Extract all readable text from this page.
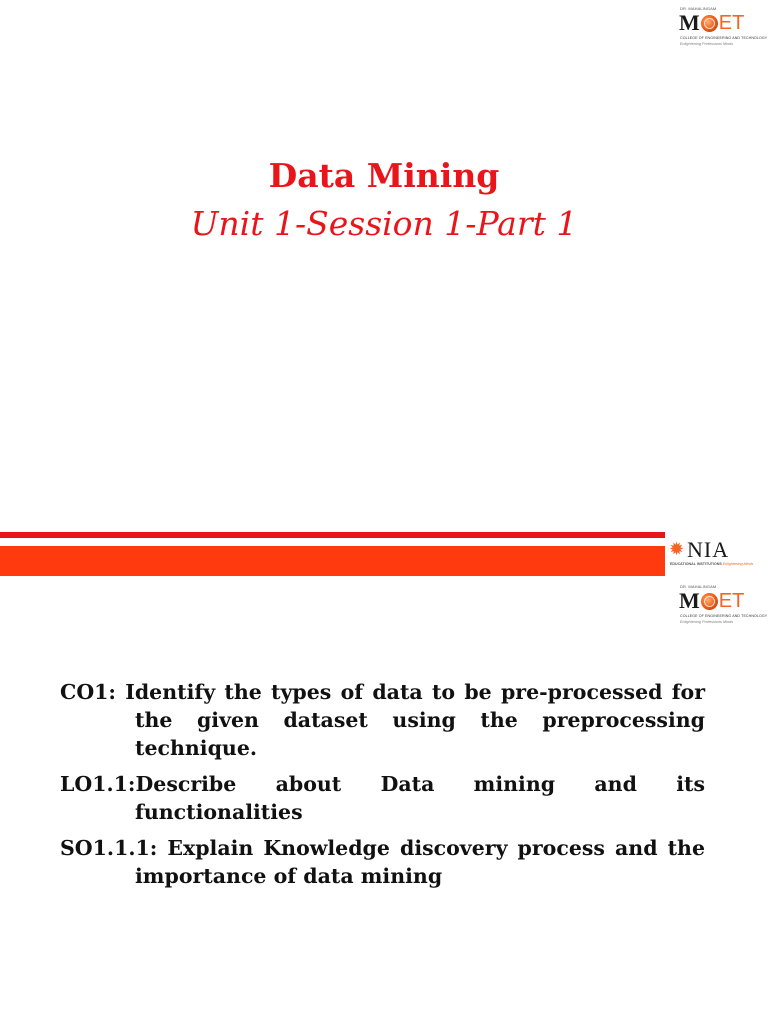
DR. MAHALINGAM
M ET
COLLEGE OF ENGINEERING AND TECHNOLOGY
Enlightening Professions Minds

Data Mining

Unit 1-Session 1-Part 1

✹ NIA
EDUCATIONAL INSTITUTIONS Enlightening Minds
DR. MAHALINGAM
M ET
COLLEGE OF ENGINEERING AND TECHNOLOGY
Enlightening Professions Minds
CO1: Identify the types of data to be pre-processed for
the given dataset using the preprocessing
technique.
LO1.1:Describe about Data mining and its
functionalities
SO1.1.1: Explain Knowledge discovery process and the
importance of data mining
